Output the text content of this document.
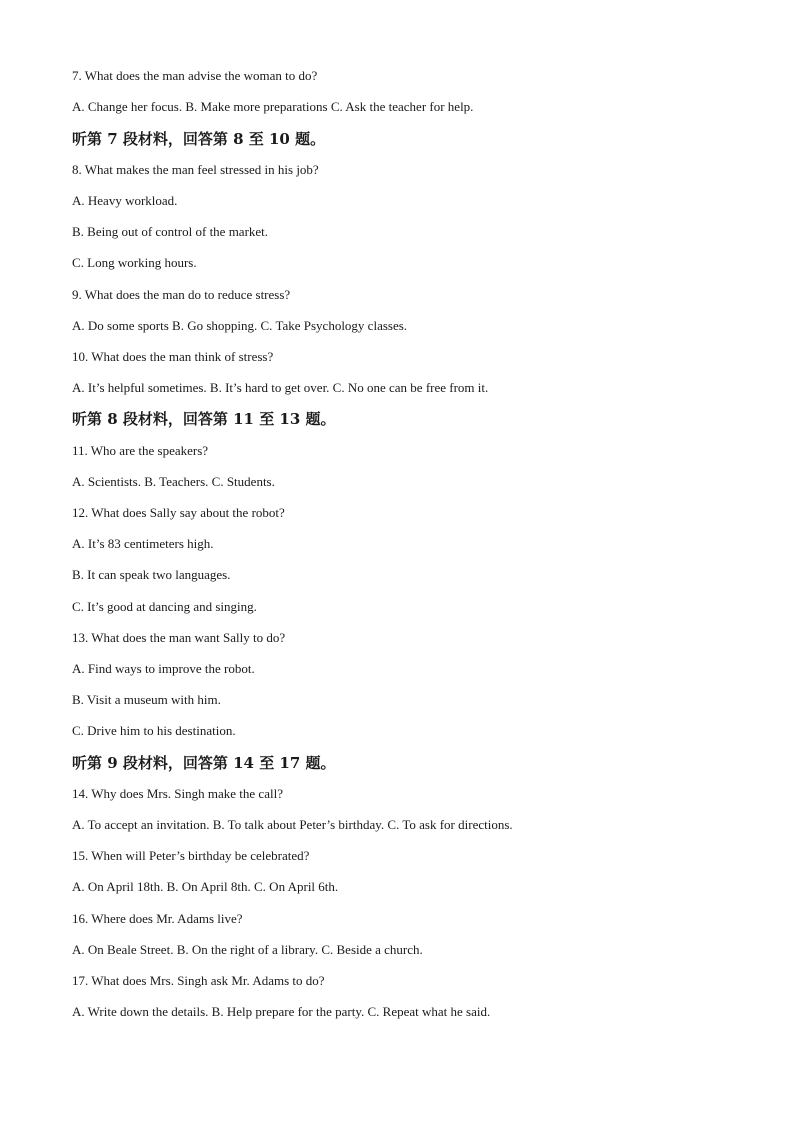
7. What does the man advise the woman to do?
A. Change her focus. B. Make more preparations C. Ask the teacher for help.
听第 7 段材料，回答第 8 至 10 题。
8. What makes the man feel stressed in his job?
A. Heavy workload.
B. Being out of control of the market.
C. Long working hours.
9. What does the man do to reduce stress?
A. Do some sports B. Go shopping. C. Take Psychology classes.
10. What does the man think of stress?
A. It’s helpful sometimes. B. It’s hard to get over. C. No one can be free from it.
听第 8 段材料，回答第 11 至 13 题。
11. Who are the speakers?
A. Scientists. B. Teachers. C. Students.
12. What does Sally say about the robot?
A. It’s 83 centimeters high.
B. It can speak two languages.
C. It’s good at dancing and singing.
13. What does the man want Sally to do?
A. Find ways to improve the robot.
B. Visit a museum with him.
C. Drive him to his destination.
听第 9 段材料，回答第 14 至 17 题。
14. Why does Mrs. Singh make the call?
A. To accept an invitation. B. To talk about Peter’s birthday. C. To ask for directions.
15. When will Peter’s birthday be celebrated?
A. On April 18th. B. On April 8th. C. On April 6th.
16. Where does Mr. Adams live?
A. On Beale Street. B. On the right of a library. C. Beside a church.
17. What does Mrs. Singh ask Mr. Adams to do?
A. Write down the details. B. Help prepare for the party. C. Repeat what he said.
